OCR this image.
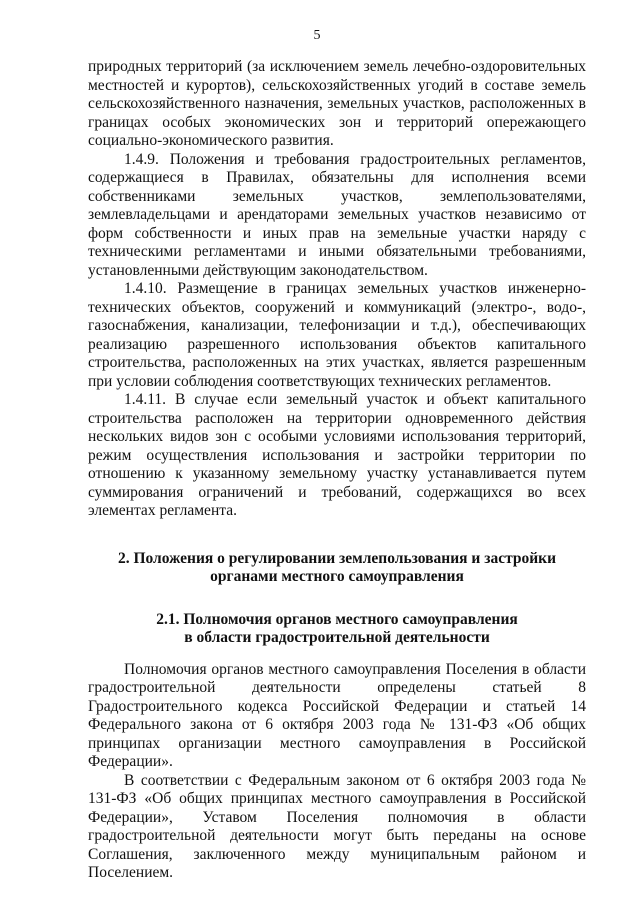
5

природных территорий (за исключением земель лечебно-оздоровительных местностей и курортов), сельскохозяйственных угодий в составе земель сельскохозяйственного назначения, земельных участков, расположенных в границах особых экономических зон и территорий опережающего социально-экономического развития.

1.4.9. Положения и требования градостроительных регламентов, содержащиеся в Правилах, обязательны для исполнения всеми собственниками земельных участков, землепользователями, землевладельцами и арендаторами земельных участков независимо от форм собственности и иных прав на земельные участки наряду с техническими регламентами и иными обязательными требованиями, установленными действующим законодательством.

1.4.10. Размещение в границах земельных участков инженерно-технических объектов, сооружений и коммуникаций (электро-, водо-, газоснабжения, канализации, телефонизации и т.д.), обеспечивающих реализацию разрешенного использования объектов капитального строительства, расположенных на этих участках, является разрешенным при условии соблюдения соответствующих технических регламентов.

1.4.11. В случае если земельный участок и объект капитального строительства расположен на территории одновременного действия нескольких видов зон с особыми условиями использования территорий, режим осуществления использования и застройки территории по отношению к указанному земельному участку устанавливается путем суммирования ограничений и требований, содержащихся во всех элементах регламента.

2. Положения о регулировании землепользования и застройки
органами местного самоуправления
2.1. Полномочия органов местного самоуправления
в области градостроительной деятельности

Полномочия органов местного самоуправления Поселения в области градостроительной деятельности определены статьей 8 Градостроительного кодекса Российской Федерации и статьей 14 Федерального закона от 6 октября 2003 года № 131-ФЗ «Об общих принципах организации местного самоуправления в Российской Федерации».

В соответствии с Федеральным законом от 6 октября 2003 года № 131-ФЗ «Об общих принципах местного самоуправления в Российской Федерации», Уставом Поселения полномочия в области градостроительной деятельности могут быть переданы на основе Соглашения, заключенного между муниципальным районом и Поселением.
